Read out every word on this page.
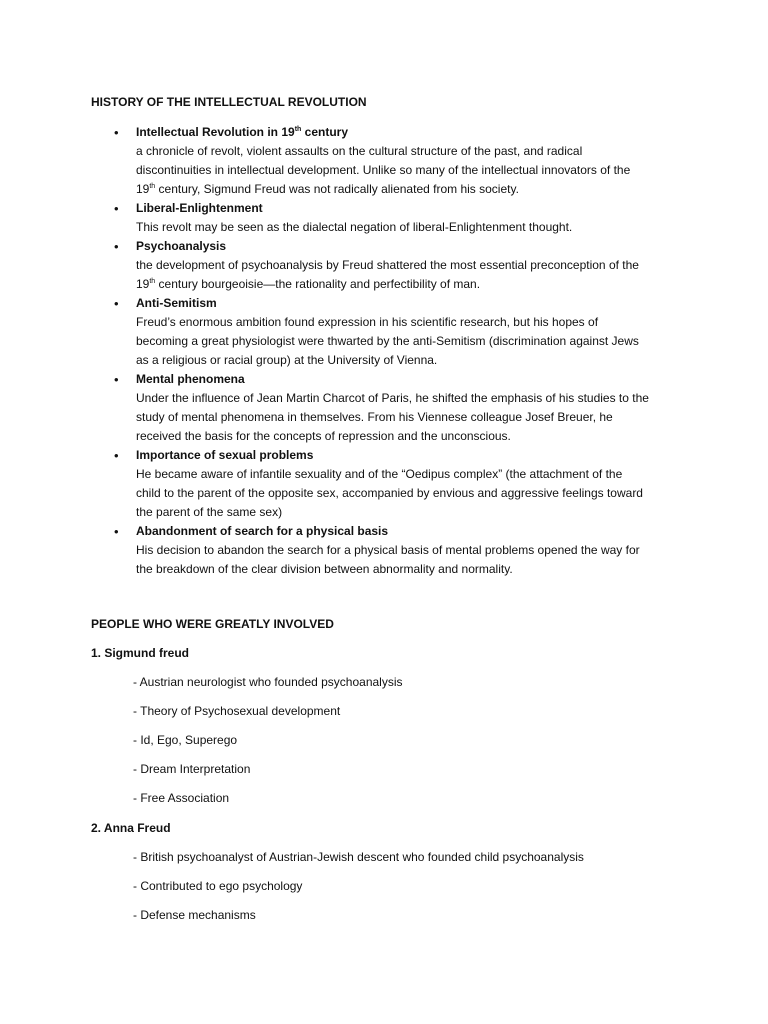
HISTORY OF THE INTELLECTUAL REVOLUTION
• Intellectual Revolution in 19th century
a chronicle of revolt, violent assaults on the cultural structure of the past, and radical
discontinuities in intellectual development. Unlike so many of the intellectual innovators of the
19th century, Sigmund Freud was not radically alienated from his society.
• Liberal-Enlightenment
This revolt may be seen as the dialectal negation of liberal-Enlightenment thought.
• Psychoanalysis
the development of psychoanalysis by Freud shattered the most essential preconception of the
19th century bourgeoisie—the rationality and perfectibility of man.
• Anti-Semitism
Freud’s enormous ambition found expression in his scientific research, but his hopes of
becoming a great physiologist were thwarted by the anti-Semitism (discrimination against Jews
as a religious or racial group) at the University of Vienna.
• Mental phenomena
Under the influence of Jean Martin Charcot of Paris, he shifted the emphasis of his studies to the
study of mental phenomena in themselves. From his Viennese colleague Josef Breuer, he
received the basis for the concepts of repression and the unconscious.
• Importance of sexual problems
He became aware of infantile sexuality and of the “Oedipus complex” (the attachment of the
child to the parent of the opposite sex, accompanied by envious and aggressive feelings toward
the parent of the same sex)
• Abandonment of search for a physical basis
His decision to abandon the search for a physical basis of mental problems opened the way for
the breakdown of the clear division between abnormality and normality.
PEOPLE WHO WERE GREATLY INVOLVED
1. Sigmund freud
- Austrian neurologist who founded psychoanalysis
- Theory of Psychosexual development
- Id, Ego, Superego
- Dream Interpretation
- Free Association
2. Anna Freud
- British psychoanalyst of Austrian-Jewish descent who founded child psychoanalysis
- Contributed to ego psychology
- Defense mechanisms
